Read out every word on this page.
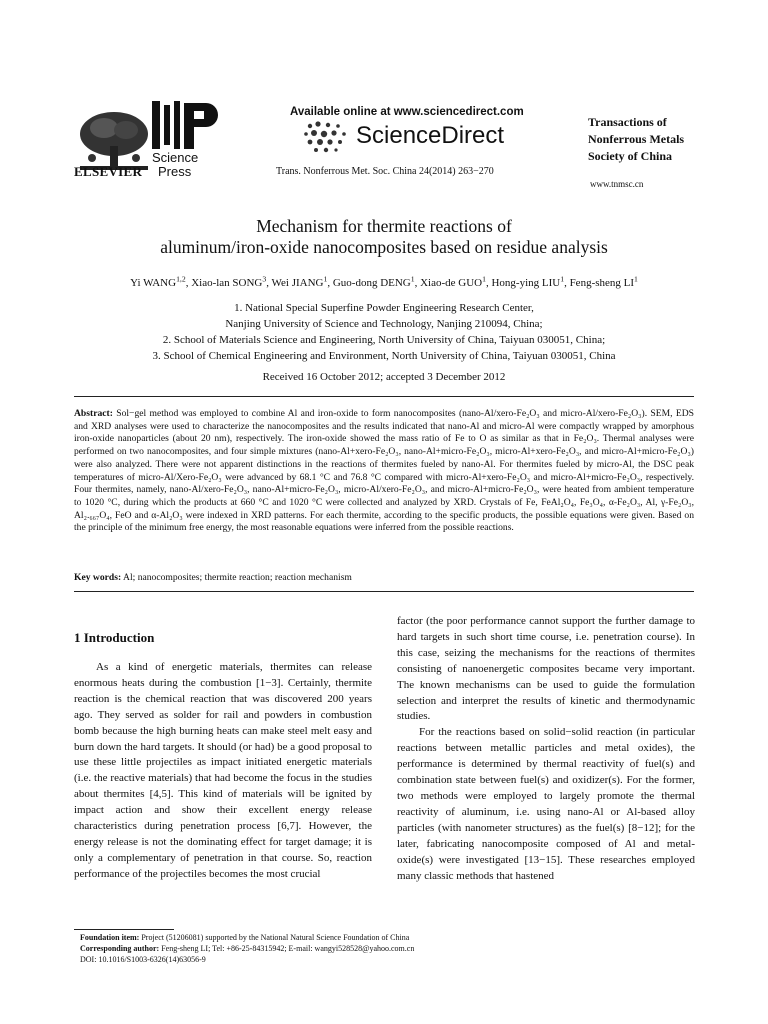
ELSEVIER
Science
Press
Available online at www.sciencedirect.com
ScienceDirect
Trans. Nonferrous Met. Soc. China 24(2014) 263−270
Transactions of
Nonferrous Metals
Society of China
www.tnmsc.cn
Mechanism for thermite reactions of
aluminum/iron-oxide nanocomposites based on residue analysis
Yi WANG$^{1,2}$, Xiao-lan SONG$^3$, Wei JIANG$^1$, Guo-dong DENG$^1$, Xiao-de GUO$^1$, Hong-ying LIU$^1$, Feng-sheng $LI^1$
1. National Special Superfine Powder Engineering Research Center,
Nanjing University of Science and Technology, Nanjing 210094, China;
2. School of Materials Science and Engineering, North University of China, Taiyuan 030051, China;
3. School of Chemical Engineering and Environment, North University of China, Taiyuan 030051, China
Received 16 October 2012; accepted 3 December 2012
Abstract: Sol−gel method was employed to combine Al and iron-oxide to form nanocomposites (nano-Al/xero-Fe₂O₃ and micro-Al/xero-Fe₂O₃). SEM, EDS and XRD analyses were used to characterize the nanocomposites and the results indicated that nano-Al and micro-Al were compactly wrapped by amorphous iron-oxide nanoparticles (about 20 nm), respectively. The iron-oxide showed the mass ratio of Fe to O as similar as that in Fe₂O₃. Thermal analyses were performed on two nanocomposites, and four simple mixtures (nano-Al+xero-Fe₂O₃, nano-Al+micro-Fe₂O₃, micro-Al+xero-Fe₂O₃, and micro-Al+micro-Fe₂O₃) were also analyzed. There were not apparent distinctions in the reactions of thermites fueled by nano-Al. For thermites fueled by micro-Al, the DSC peak temperatures of micro-Al/Xero-Fe₂O₃ were advanced by 68.1 °C and 76.8 °C compared with micro-Al+xero-Fe₂O₃ and micro-Al+micro-Fe₂O₃, respectively. Four thermites, namely, nano-Al/xero-Fe₂O₃, nano-Al+micro-Fe₂O₃, micro-Al/xero-Fe₂O₃, and micro-Al+micro-Fe₂O₃, were heated from ambient temperature to 1020 °C, during which the products at 660 °C and 1020 °C were collected and analyzed by XRD. Crystals of Fe, FeAl₂O₄, Fe₃O₄, α-Fe₂O₃, Al, γ-Fe₂O₃, Al₂.₆₆₇O₄, FeO and α-Al₂O₃ were indexed in XRD patterns. For each thermite, according to the specific products, the possible equations were given. Based on the principle of the minimum free energy, the most reasonable equations were inferred from the possible reactions.
Key words: Al; nanocomposites; thermite reaction; reaction mechanism
1 Introduction

As a kind of energetic materials, thermites can release enormous heats during the combustion [1−3]. Certainly, thermite reaction is the chemical reaction that was discovered 200 years ago. They served as solder for rail and powders in combustion bomb because the high burning heats can make steel melt easy and burn down the hard targets. It should (or had) be a good proposal to use these little projectiles as impact initiated energetic materials (i.e. the reactive materials) that had become the focus in the studies about thermites [4,5]. This kind of materials will be ignited by impact action and show their excellent energy release characteristics during penetration process [6,7]. However, the energy release is not the dominating effect for target damage; it is only a complementary of penetration in that course. So, reaction performance of the projectiles becomes the most crucial

factor (the poor performance cannot support the further damage to hard targets in such short time course, i.e. penetration course). In this case, seizing the mechanisms for the reactions of thermites consisting of nanoenergetic composites became very important. The known mechanisms can be used to guide the formulation selection and interpret the results of kinetic and thermodynamic studies.

For the reactions based on solid−solid reaction (in particular reactions between metallic particles and metal oxides), the performance is determined by thermal reactivity of fuel(s) and combination state between fuel(s) and oxidizer(s). For the former, two methods were employed to largely promote the thermal reactivity of aluminum, i.e. using nano-Al or Al-based alloy particles (with nanometer structures) as the fuel(s) [8−12]; for the later, fabricating nanocomposite composed of Al and metal-oxide(s) were investigated [13−15]. These researches employed many classic methods that hastened

Foundation item: Project (51206081) supported by the National Natural Science Foundation of China
Corresponding author: Feng-sheng LI; Tel: +86-25-84315942; E-mail: wangyi528528@yahoo.com.cn
DOI: 10.1016/S1003-6326(14)63056-9
